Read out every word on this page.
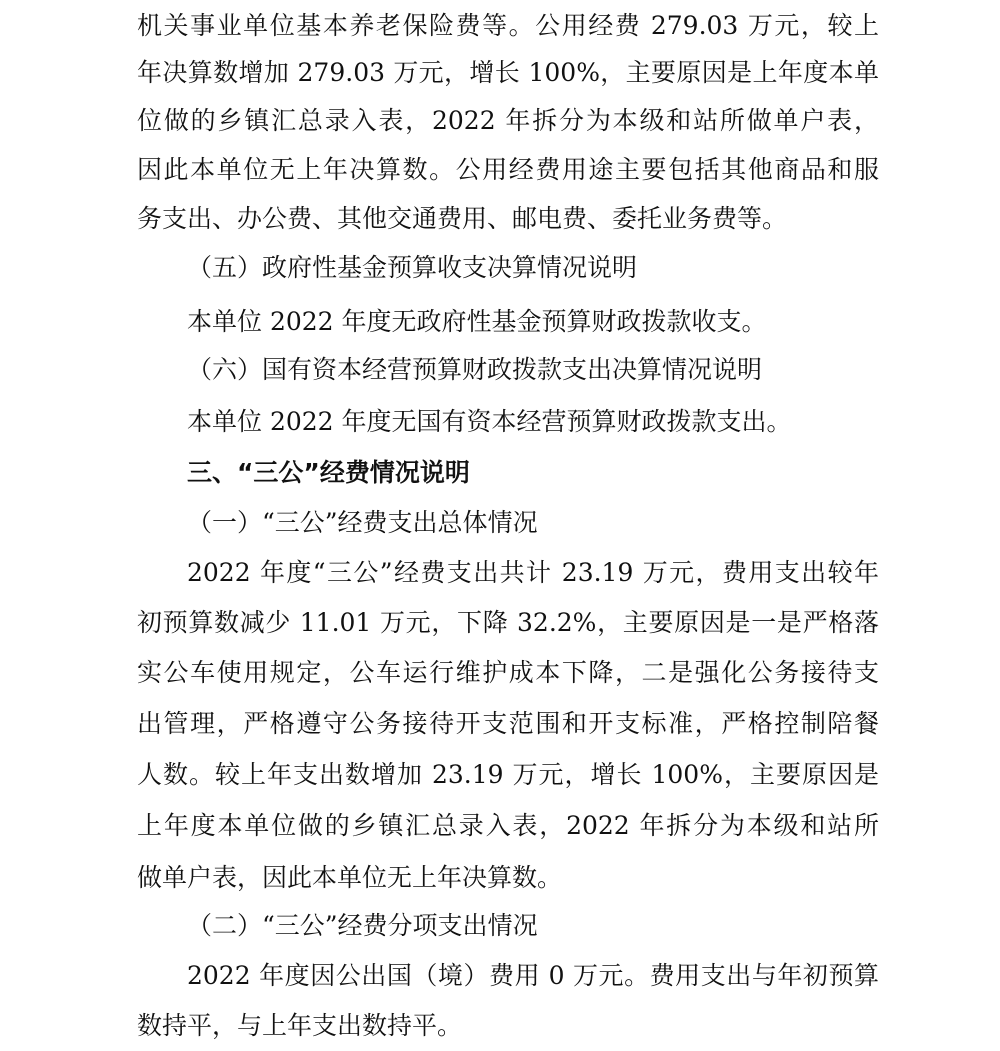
机关事业单位基本养老保险费等。公用经费 279.03 万元，较上
年决算数增加 279.03 万元，增长 100%，主要原因是上年度本单
位做的乡镇汇总录入表，2022 年拆分为本级和站所做单户表，
因此本单位无上年决算数。公用经费用途主要包括其他商品和服
务支出、办公费、其他交通费用、邮电费、委托业务费等。
（五）政府性基金预算收支决算情况说明
本单位 2022 年度无政府性基金预算财政拨款收支。
（六）国有资本经营预算财政拨款支出决算情况说明
本单位 2022 年度无国有资本经营预算财政拨款支出。
三、“三公”经费情况说明
（一）“三公”经费支出总体情况
2022 年度“三公”经费支出共计 23.19 万元，费用支出较年
初预算数减少 11.01 万元，下降 32.2%，主要原因是一是严格落
实公车使用规定，公车运行维护成本下降，二是强化公务接待支
出管理，严格遵守公务接待开支范围和开支标准，严格控制陪餐
人数。较上年支出数增加 23.19 万元，增长 100%，主要原因是
上年度本单位做的乡镇汇总录入表，2022 年拆分为本级和站所
做单户表，因此本单位无上年决算数。
（二）“三公”经费分项支出情况
2022 年度因公出国（境）费用 0 万元。费用支出与年初预算
数持平，与上年支出数持平。
